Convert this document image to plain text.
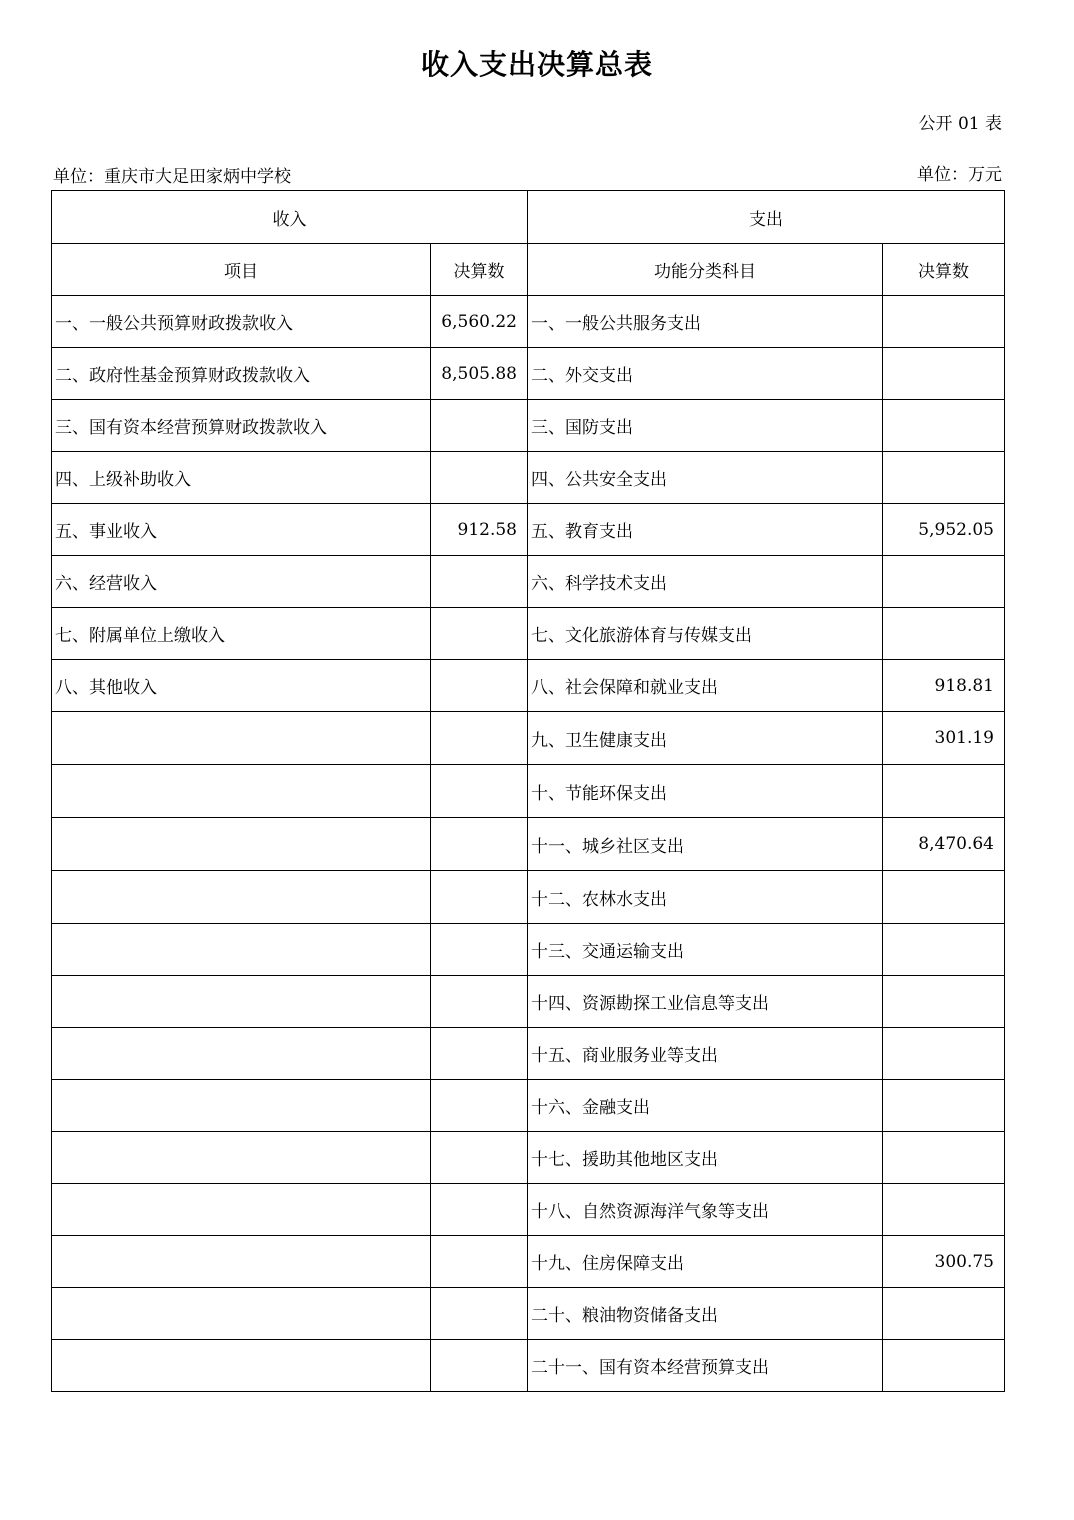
收入支出决算总表
公开 01 表
单位：重庆市大足田家炳中学校	单位：万元
收入		支出	
项目	决算数	功能分类科目	决算数
一、一般公共预算财政拨款收入	6,560.22	一、一般公共服务支出	
二、政府性基金预算财政拨款收入	8,505.88	二、外交支出	
三、国有资本经营预算财政拨款收入		三、国防支出	
四、上级补助收入		四、公共安全支出	
五、事业收入	912.58	五、教育支出	5,952.05
六、经营收入		六、科学技术支出	
七、附属单位上缴收入		七、文化旅游体育与传媒支出	
八、其他收入		八、社会保障和就业支出	918.81
		九、卫生健康支出	301.19
		十、节能环保支出	
		十一、城乡社区支出	8,470.64
		十二、农林水支出	
		十三、交通运输支出	
		十四、资源勘探工业信息等支出	
		十五、商业服务业等支出	
		十六、金融支出	
		十七、援助其他地区支出	
		十八、自然资源海洋气象等支出	
		十九、住房保障支出	300.75
		二十、粮油物资储备支出	
		二十一、国有资本经营预算支出	
